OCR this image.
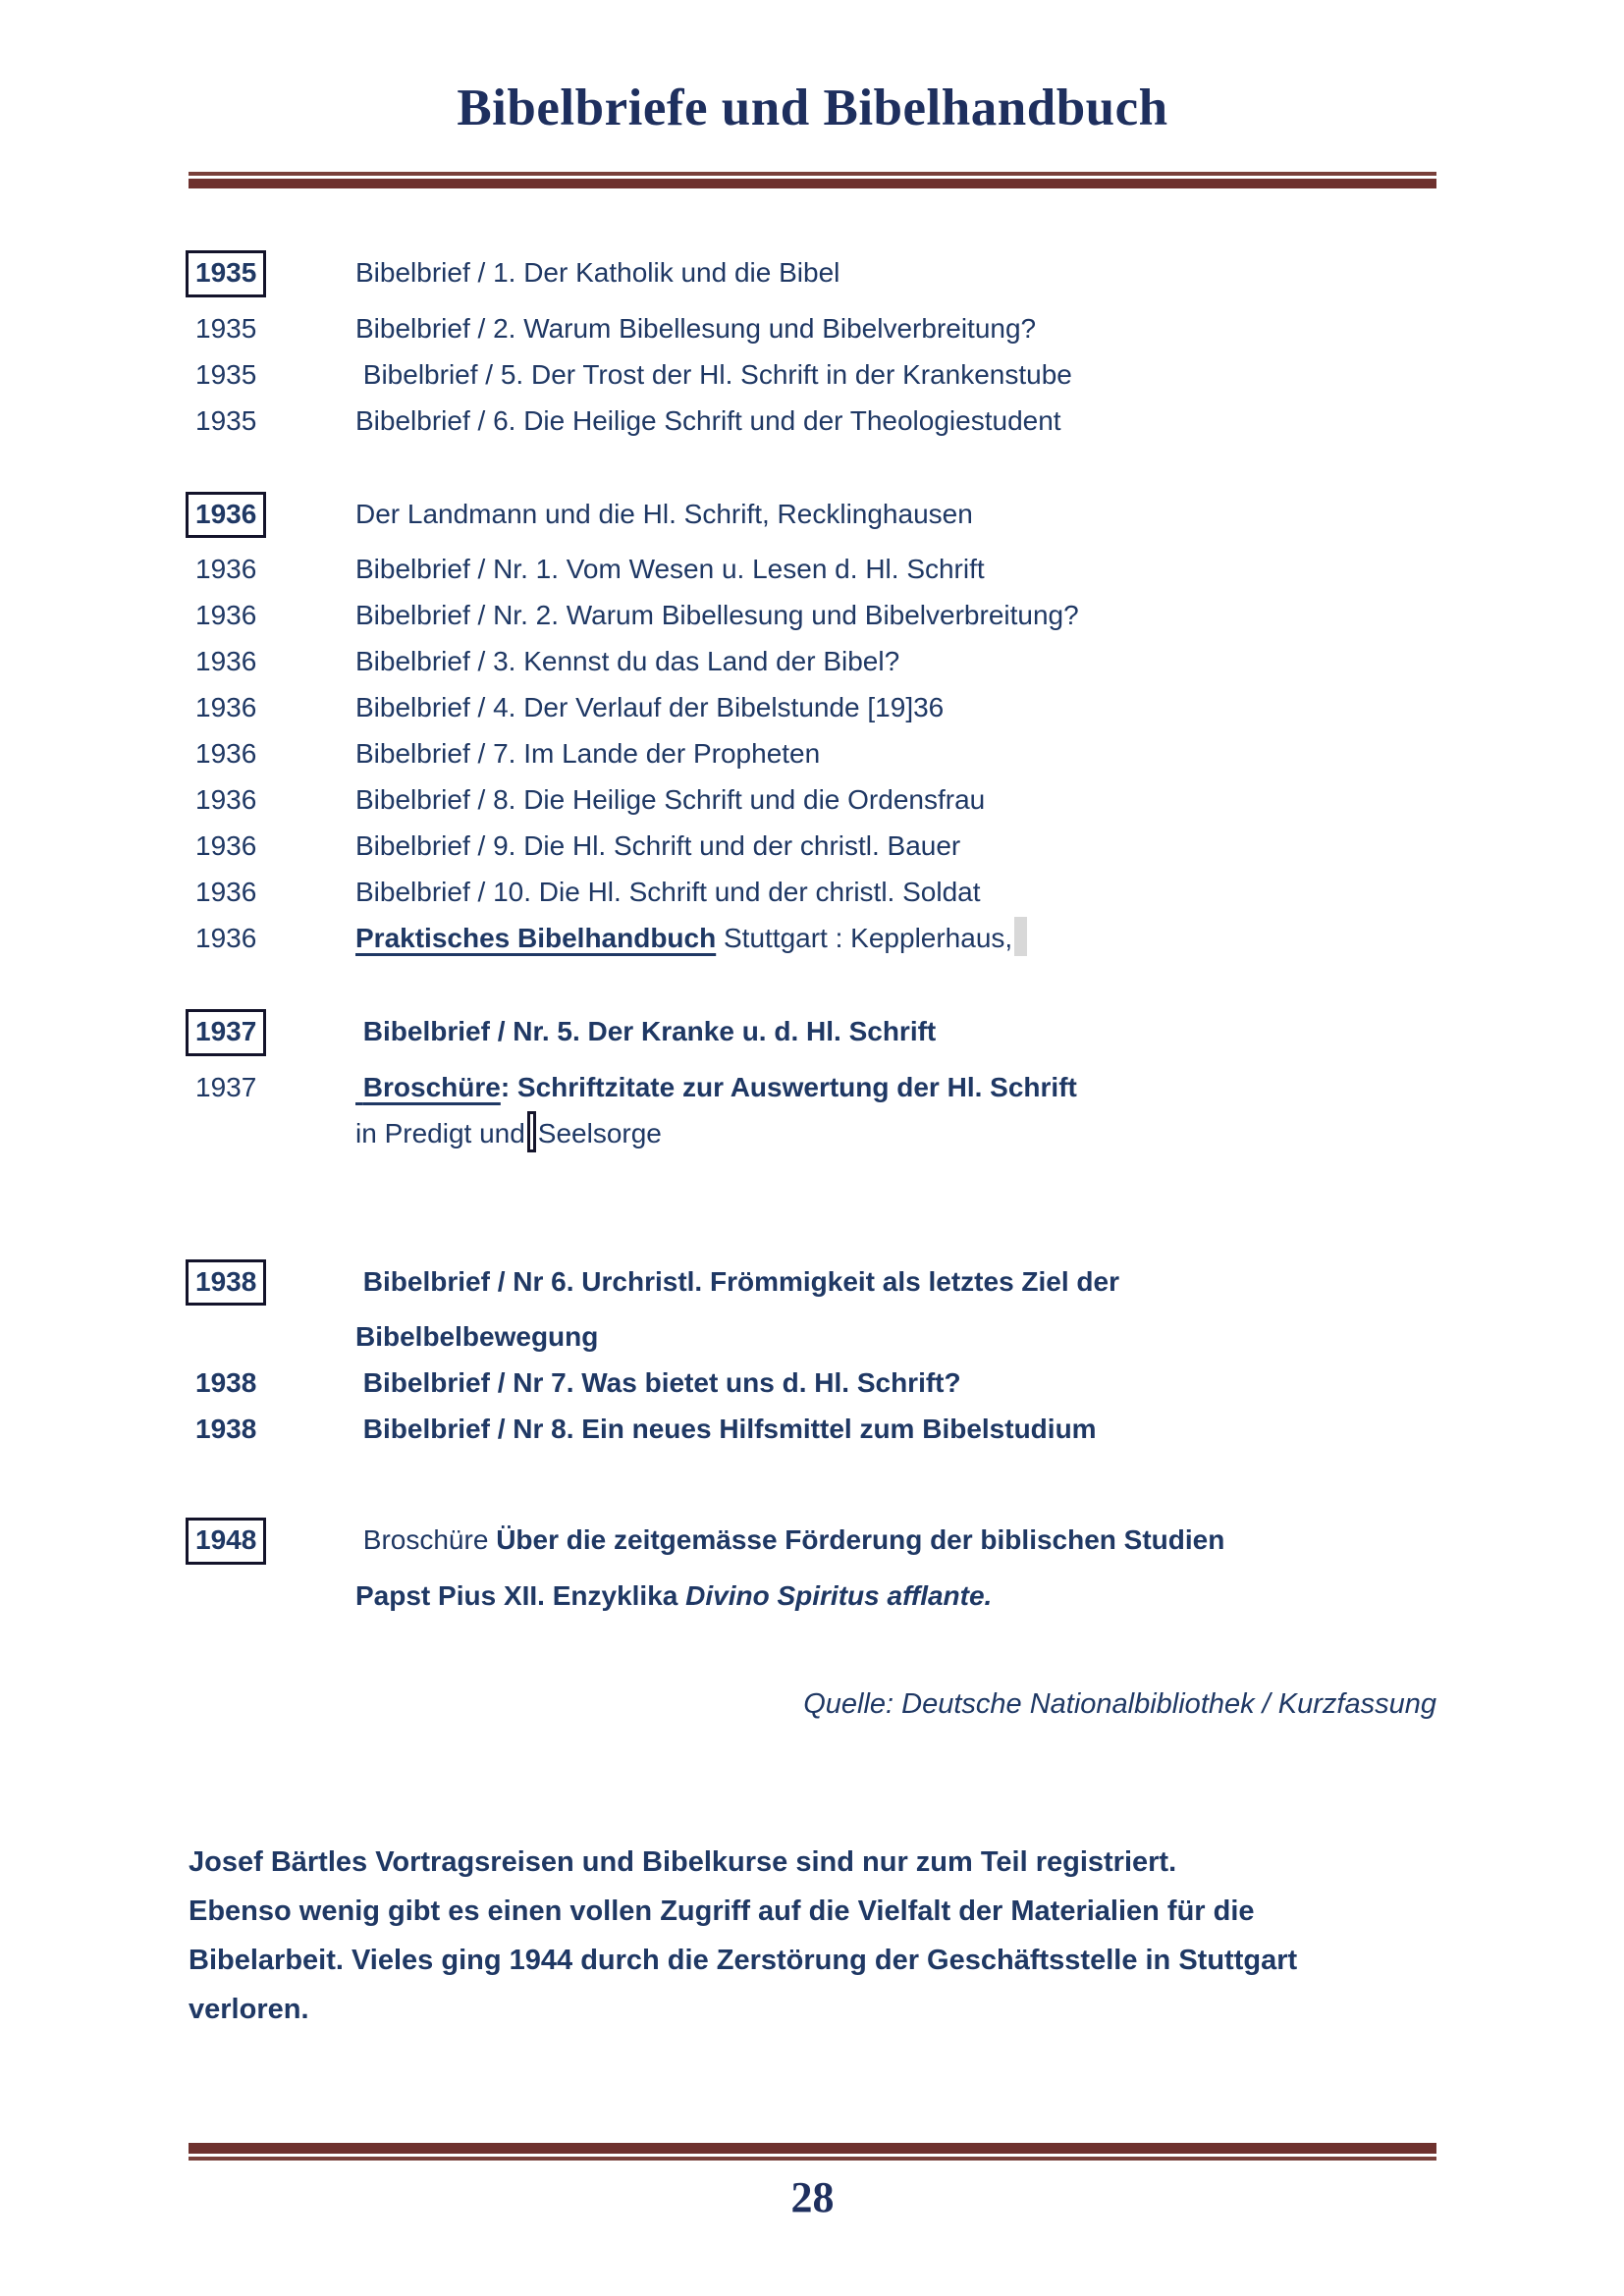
Bibelbriefe und Bibelhandbuch
1935	Bibelbrief / 1. Der Katholik und die Bibel
1935	Bibelbrief / 2. Warum Bibellesung und Bibelverbreitung?
1935	Bibelbrief / 5. Der Trost der Hl. Schrift in der Krankenstube
1935	Bibelbrief / 6. Die Heilige Schrift und der Theologiestudent
1936	Der Landmann und die Hl. Schrift, Recklinghausen
1936	Bibelbrief / Nr. 1. Vom Wesen u. Lesen d. Hl. Schrift
1936	Bibelbrief / Nr. 2. Warum Bibellesung und Bibelverbreitung?
1936	Bibelbrief / 3. Kennst du das Land der Bibel?
1936	Bibelbrief / 4. Der Verlauf der Bibelstunde [19]36
1936	Bibelbrief / 7. Im Lande der Propheten
1936	Bibelbrief / 8. Die Heilige Schrift und die Ordensfrau
1936	Bibelbrief / 9. Die Hl. Schrift und der christl. Bauer
1936	Bibelbrief / 10. Die Hl. Schrift und der christl. Soldat
1936	Praktisches Bibelhandbuch Stuttgart : Kepplerhaus,
1937	Bibelbrief / Nr. 5. Der Kranke u. d. Hl. Schrift
1937	Broschüre: Schriftzitate zur Auswertung der Hl. Schrift
in Predigt und Seelsorge
1938	Bibelbrief / Nr 6. Urchristl. Frömmigkeit als letztes Ziel der
Bibelbelbewegung
1938	Bibelbrief / Nr 7. Was bietet uns d. Hl. Schrift?
1938	Bibelbrief / Nr 8. Ein neues Hilfsmittel zum Bibelstudium
1948	Broschüre Über die zeitgemässe Förderung der biblischen Studien
Papst Pius XII. Enzyklika Divino Spiritus afflante.
Quelle: Deutsche Nationalbibliothek / Kurzfassung
Josef Bärtles Vortragsreisen und Bibelkurse sind nur zum Teil registriert.
Ebenso wenig gibt es einen vollen Zugriff auf die Vielfalt der Materialien für die
Bibelarbeit. Vieles ging 1944 durch die Zerstörung der Geschäftsstelle in Stuttgart
verloren.
28
